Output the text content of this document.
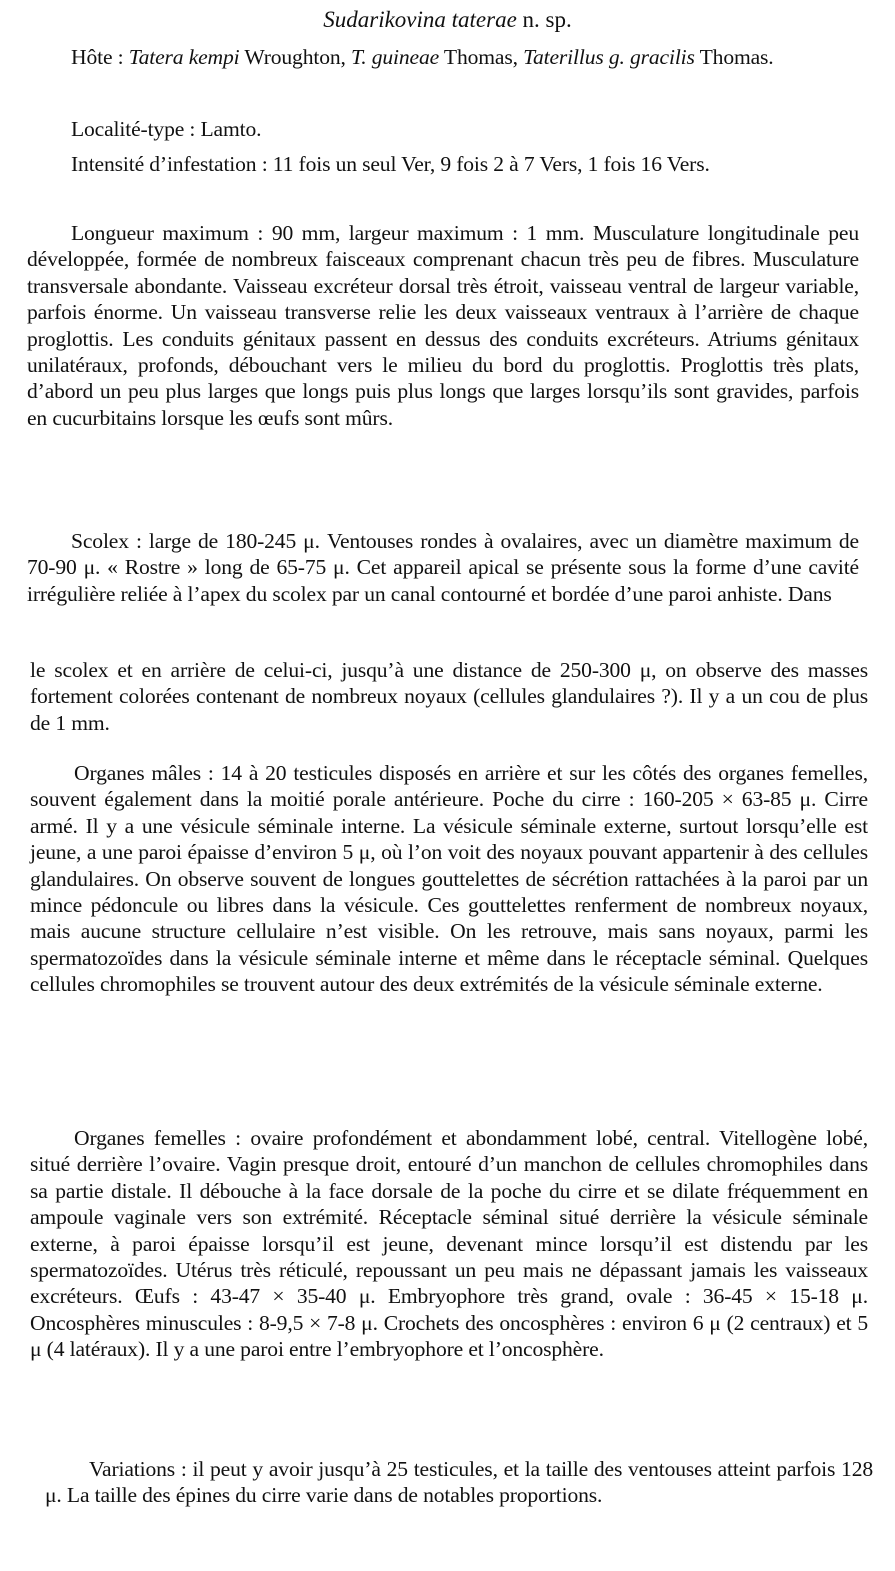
Sudarikovina taterae n. sp.

Hôte : Tatera kempi Wroughton, T. guineae Thomas, Taterillus g. gracilis Thomas.

Localité-type : Lamto.

Intensité d’infestation : 11 fois un seul Ver, 9 fois 2 à 7 Vers, 1 fois 16 Vers.

Longueur maximum : 90 mm, largeur maximum : 1 mm. Musculature longitudinale peu développée, formée de nombreux faisceaux comprenant chacun très peu de fibres. Musculature transversale abondante. Vaisseau excréteur dorsal très étroit, vaisseau ventral de largeur variable, parfois énorme. Un vaisseau transverse relie les deux vaisseaux ventraux à l’arrière de chaque proglottis. Les conduits génitaux passent en dessus des conduits excréteurs. Atriums génitaux unilatéraux, profonds, débouchant vers le milieu du bord du proglottis. Proglottis très plats, d’abord un peu plus larges que longs puis plus longs que larges lorsqu’ils sont gravides, parfois en cucurbitains lorsque les œufs sont mûrs.

Scolex : large de 180-245 μ. Ventouses rondes à ovalaires, avec un diamètre maximum de 70-90 μ. « Rostre » long de 65-75 μ. Cet appareil apical se présente sous la forme d’une cavité irrégulière reliée à l’apex du scolex par un canal contourné et bordée d’une paroi anhiste. Dans

le scolex et en arrière de celui-ci, jusqu’à une distance de 250-300 μ, on observe des masses fortement colorées contenant de nombreux noyaux (cellules glandulaires ?). Il y a un cou de plus de 1 mm.

Organes mâles : 14 à 20 testicules disposés en arrière et sur les côtés des organes femelles, souvent également dans la moitié porale antérieure. Poche du cirre : 160-205 × 63-85 μ. Cirre armé. Il y a une vésicule séminale interne. La vésicule séminale externe, surtout lorsqu’elle est jeune, a une paroi épaisse d’environ 5 μ, où l’on voit des noyaux pouvant appartenir à des cellules glandulaires. On observe souvent de longues gouttelettes de sécrétion rattachées à la paroi par un mince pédoncule ou libres dans la vésicule. Ces gouttelettes renferment de nombreux noyaux, mais aucune structure cellulaire n’est visible. On les retrouve, mais sans noyaux, parmi les spermatozoïdes dans la vésicule séminale interne et même dans le réceptacle séminal. Quelques cellules chromophiles se trouvent autour des deux extrémités de la vésicule séminale externe.

Organes femelles : ovaire profondément et abondamment lobé, central. Vitellogène lobé, situé derrière l’ovaire. Vagin presque droit, entouré d’un manchon de cellules chromophiles dans sa partie distale. Il débouche à la face dorsale de la poche du cirre et se dilate fréquemment en ampoule vaginale vers son extrémité. Réceptacle séminal situé derrière la vésicule séminale externe, à paroi épaisse lorsqu’il est jeune, devenant mince lorsqu’il est distendu par les spermatozoïdes. Utérus très réticulé, repoussant un peu mais ne dépassant jamais les vaisseaux excréteurs. Œufs : 43-47 × 35-40 μ. Embryophore très grand, ovale : 36-45 × 15-18 μ. Oncosphères minuscules : 8-9,5 × 7-8 μ. Crochets des oncosphères : environ 6 μ (2 centraux) et 5 μ (4 latéraux). Il y a une paroi entre l’embryophore et l’oncosphère.

Variations : il peut y avoir jusqu’à 25 testicules, et la taille des ventouses atteint parfois 128 μ. La taille des épines du cirre varie dans de notables proportions.
